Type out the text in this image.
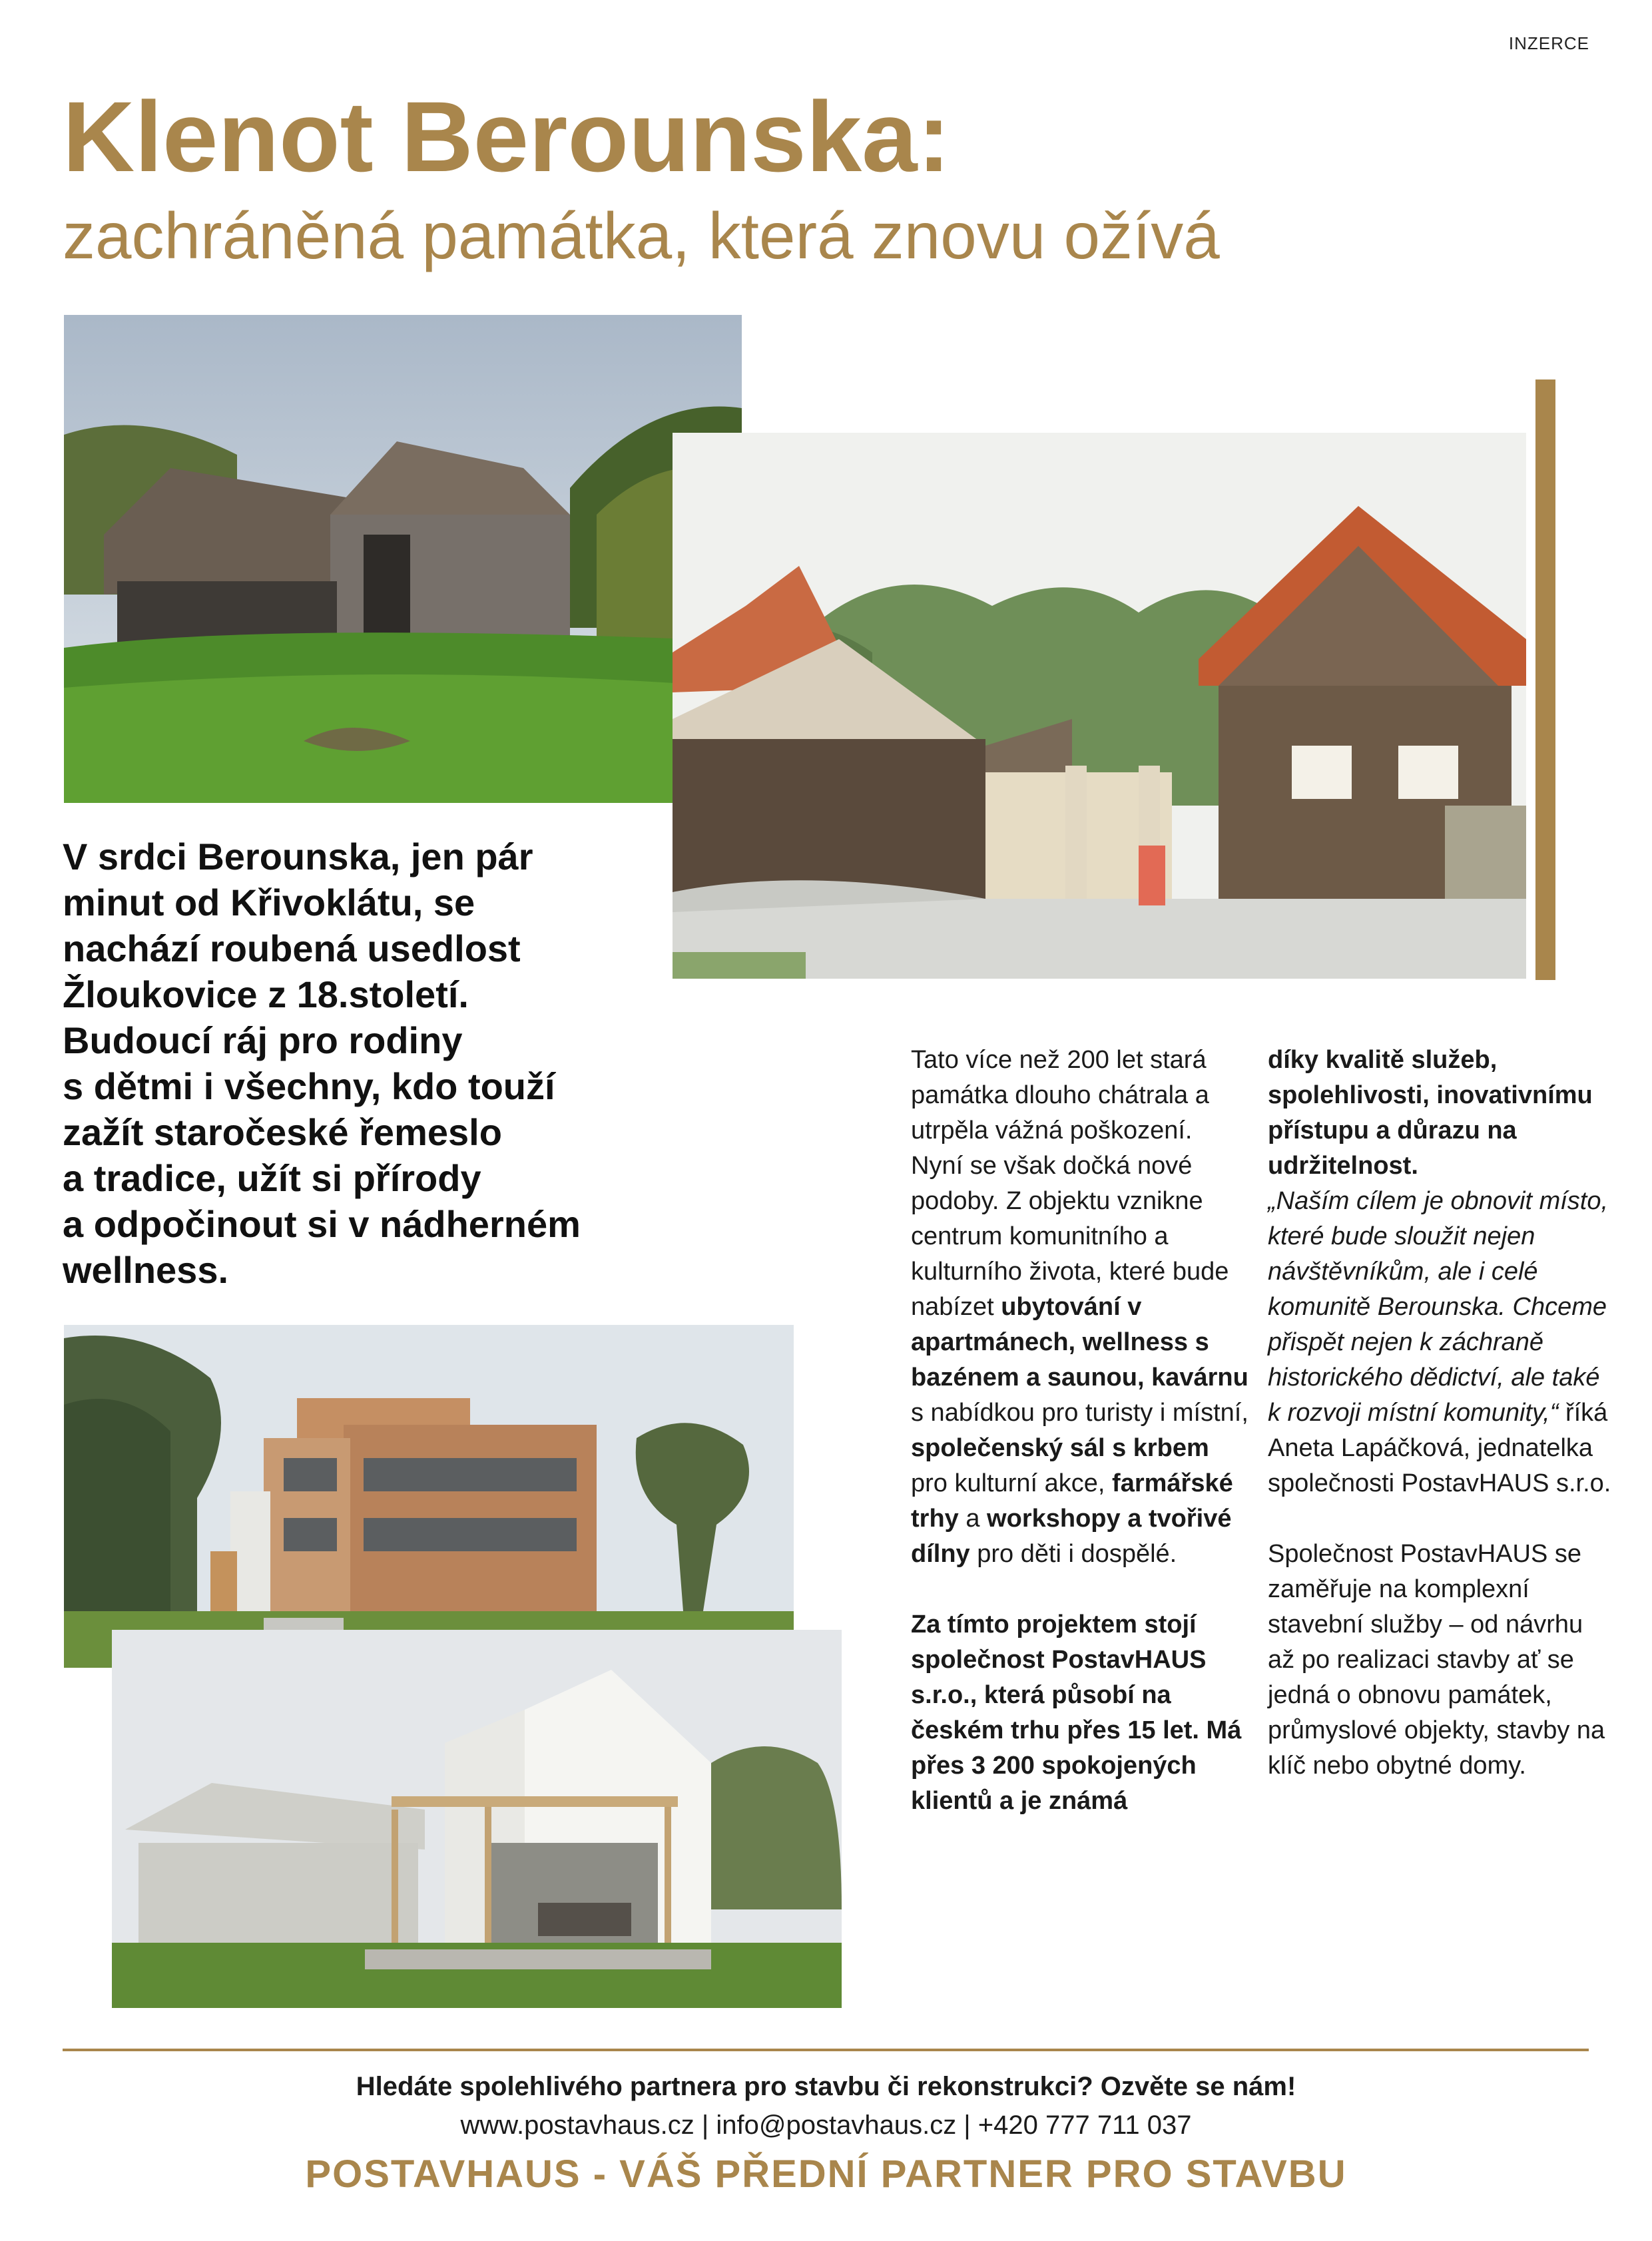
INZERCE
Klenot Berounska:
zachráněná památka, která znovu ožívá

V srdci Berounska, jen pár

minut od Křivoklátu, se

nachází roubená usedlost

Žloukovice z 18.století.

Budoucí ráj pro rodiny

s dětmi i všechny, kdo touží

zažít staročeské řemeslo

a tradice, užít si přírody

a odpočinout si v nádherném

wellness.

Tato více než 200 let stará památka dlouho chátrala a utrpěla vážná poškození. Nyní se však dočká nové podoby. Z objektu vznikne centrum komunitního a kulturního života, které bude nabízet ubytování v apartmánech, wellness s bazénem a saunou, kavárnu s nabídkou pro turisty i místní, společenský sál s krbem pro kulturní akce, farmářské trhy a workshopy a tvořivé dílny pro děti i dospělé.

Za tímto projektem stojí společnost PostavHAUS s.r.o., která působí na českém trhu přes 15 let. Má přes 3 200 spokojených klientů a je známá

díky kvalitě služeb, spolehlivosti, inovativnímu přístupu a důrazu na udržitelnost.
„Naším cílem je obnovit místo, které bude sloužit nejen návštěvníkům, ale i celé komunitě Berounska. Chceme přispět nejen k záchraně historického dědictví, ale také k rozvoji místní komunity,“ říká Aneta Lapáčková, jednatelka společnosti PostavHAUS s.r.o.

Společnost PostavHAUS se zaměřuje na komplexní stavební služby – od návrhu až po realizaci stavby ať se jedná o obnovu památek, průmyslové objekty, stavby na klíč nebo obytné domy.

Hledáte spolehlivého partnera pro stavbu či rekonstrukci? Ozvěte se nám!
www.postavhaus.cz | info@postavhaus.cz | +420 777 711 037
POSTAVHAUS - VÁŠ PŘEDNÍ PARTNER PRO STAVBU
